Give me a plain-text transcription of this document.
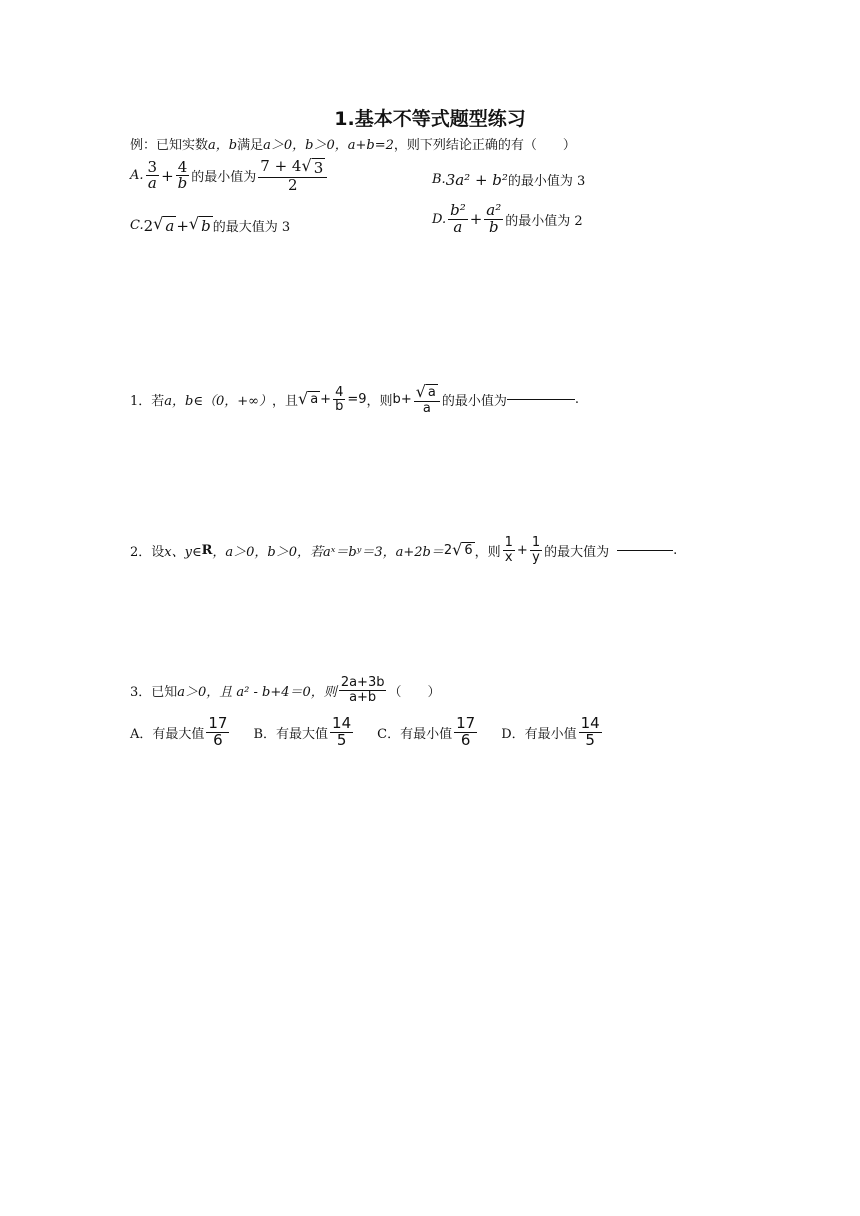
1.基本不等式题型练习
例：已知实数 a，b 满足 a＞0，b＞0，a+b=2 ，则下列结论正确的有（　　）
A. $\frac{3}{a} + \frac{4}{b}$ 的最小值为 $\frac{7 + 4 √ 3}{2}$	B. 3a² + b² 的最小值为 3
C. 2 √ a + √ b 的最大值为 3
D. $\frac{\text{b²}}{a} + \frac{\text{a²}}{b}$ 的最小值为 2
1．若 a，b∈（0，+∞） ，且 √ $a + \frac{4}{b} =9$ ，则 $b + \frac{√ a}{a}$ 的最小值为	.
2．设 x、y∈ R ，a＞0，b＞0，若 aˣ＝bʸ＝3，a+2b＝ 2 √ 6 ，则 $\frac{1}{x} + \frac{1}{y}$ 的最大值为	.
3．已知 a＞0，且 a² - b+4＝0，则 $\frac{2a+3b}{a+b}$ （　　）
A．有最大值 $\frac{17}{6}$ B．有最大值 $\frac{14}{5}$ C．有最小值 $\frac{17}{6}$ D．有最小值 $\frac{14}{5}$
